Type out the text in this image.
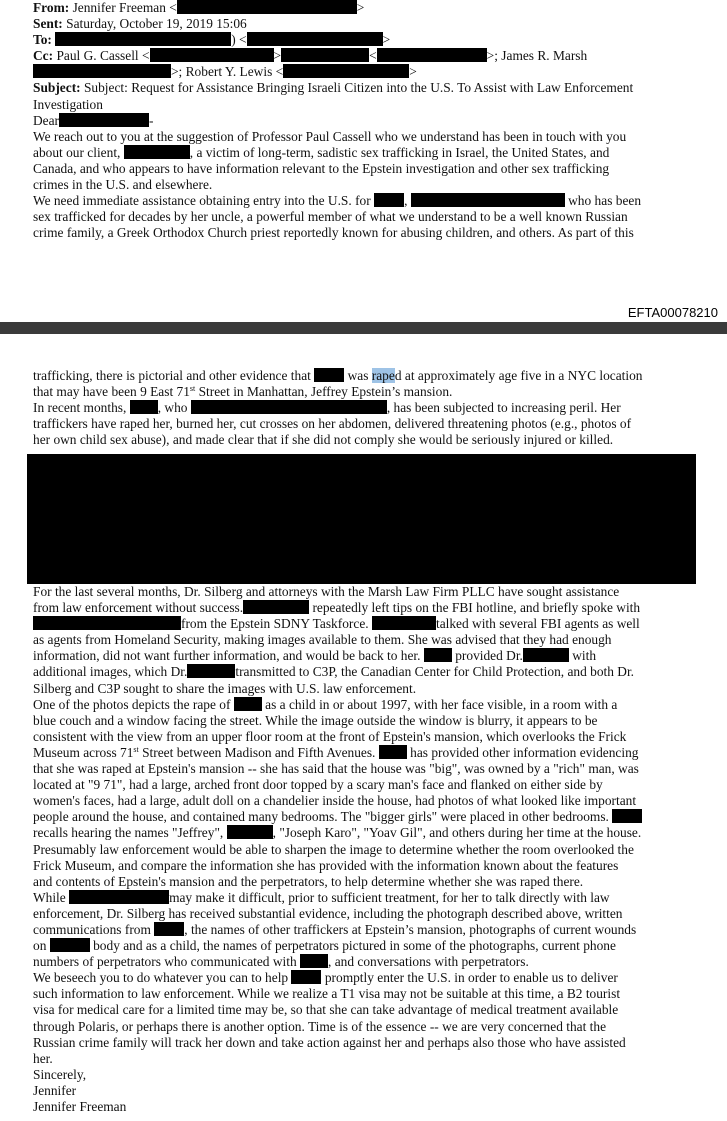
From: Jennifer Freeman <	>
Sent: Saturday, October 19, 2019 15:06
To:	) <	>
Cc: Paul G. Cassell <	>	<	>; James R. Marsh
>; Robert Y. Lewis <	>
Subject: Subject: Request for Assistance Bringing Israeli Citizen into the U.S. To Assist with Law Enforcement
Investigation
Dear	-
We reach out to you at the suggestion of Professor Paul Cassell who we understand has been in touch with you
about our client,	, a victim of long-term, sadistic sex trafficking in Israel, the United States, and
Canada, and who appears to have information relevant to the Epstein investigation and other sex trafficking
crimes in the U.S. and elsewhere.
We need immediate assistance obtaining entry into the U.S. for ,	who has been
sex trafficked for decades by her uncle, a powerful member of what we understand to be a well known Russian
crime family, a Greek Orthodox Church priest reportedly known for abusing children, and others. As part of this
EFTA00078210
trafficking, there is pictorial and other evidence that	was raped at approximately age five in a NYC location
that may have been 9 East 71st Street in Manhattan, Jeffrey Epstein’s mansion.
In recent months, , who	, has been subjected to increasing peril. Her
traffickers have raped her, burned her, cut crosses on her abdomen, delivered threatening photos (e.g., photos of
her own child sex abuse), and made clear that if she did not comply she would be seriously injured or killed.
For the last several months, Dr. Silberg and attorneys with the Marsh Law Firm PLLC have sought assistance
from law enforcement without success.	repeatedly left tips on the FBI hotline, and briefly spoke with
from the Epstein SDNY Taskforce.	talked with several FBI agents as well
as agents from Homeland Security, making images available to them. She was advised that they had enough
information, did not want further information, and would be back to her.	provided Dr.	with
additional images, which Dr.	transmitted to C3P, the Canadian Center for Child Protection, and both Dr.
Silberg and C3P sought to share the images with U.S. law enforcement.
One of the photos depicts the rape of	as a child in or about 1997, with her face visible, in a room with a
blue couch and a window facing the street. While the image outside the window is blurry, it appears to be
consistent with the view from an upper floor room at the front of Epstein's mansion, which overlooks the Frick
Museum across 71st Street between Madison and Fifth Avenues.	has provided other information evidencing
that she was raped at Epstein's mansion -- she has said that the house was "big", was owned by a "rich" man, was
located at "9 71", had a large, arched front door topped by a scary man's face and flanked on either side by
women's faces, had a large, adult doll on a chandelier inside the house, had photos of what looked like important
people around the house, and contained many bedrooms. The "bigger girls" were placed in other bedrooms.
recalls hearing the names "Jeffrey",	, "Joseph Karo", "Yoav Gil", and others during her time at the house.
Presumably law enforcement would be able to sharpen the image to determine whether the room overlooked the
Frick Museum, and compare the information she has provided with the information known about the features
and contents of Epstein's mansion and the perpetrators, to help determine whether she was raped there.
While	may make it difficult, prior to sufficient treatment, for her to talk directly with law
enforcement, Dr. Silberg has received substantial evidence, including the photograph described above, written
communications from , the names of other traffickers at Epstein’s mansion, photographs of current wounds
on	body and as a child, the names of perpetrators pictured in some of the photographs, current phone
numbers of perpetrators who communicated with , and conversations with perpetrators.
We beseech you to do whatever you can to help	promptly enter the U.S. in order to enable us to deliver
such information to law enforcement. While we realize a T1 visa may not be suitable at this time, a B2 tourist
visa for medical care for a limited time may be, so that she can take advantage of medical treatment available
through Polaris, or perhaps there is another option. Time is of the essence -- we are very concerned that the
Russian crime family will track her down and take action against her and perhaps also those who have assisted
her.
Sincerely,
Jennifer
Jennifer Freeman
